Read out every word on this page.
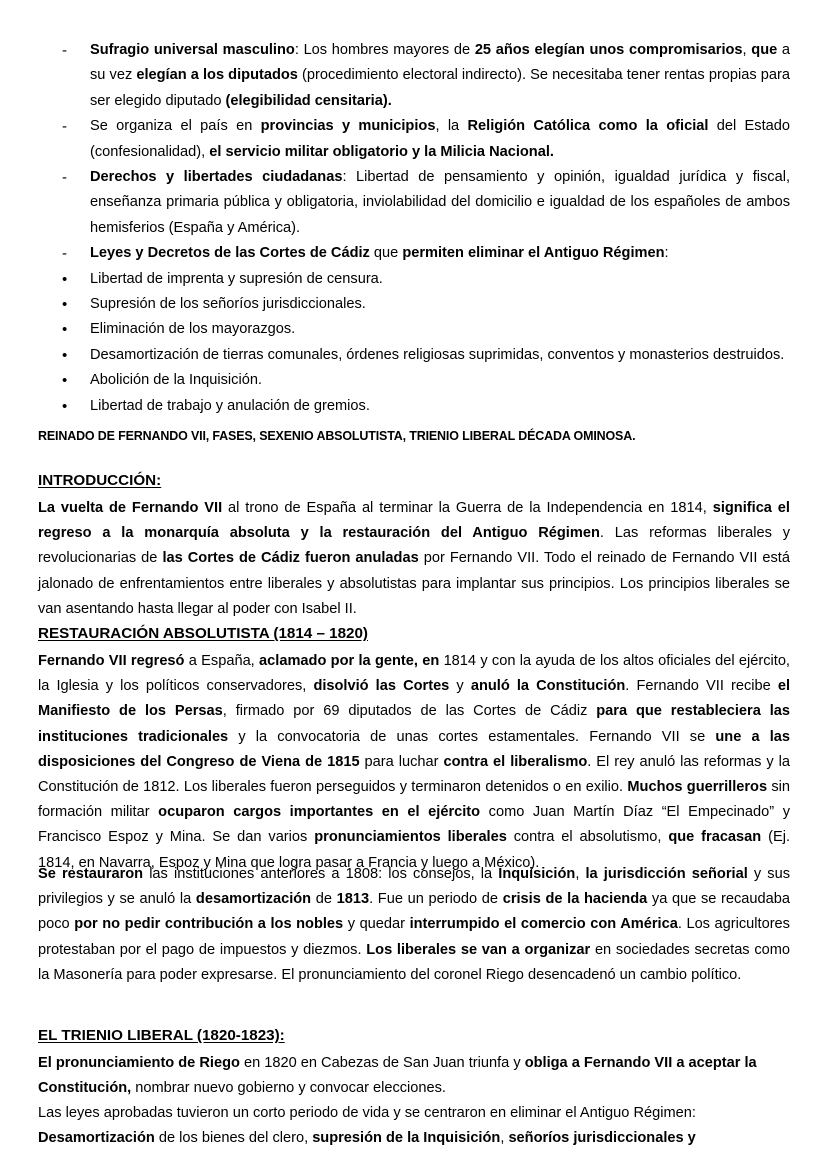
-	Sufragio universal masculino: Los hombres mayores de 25 años elegían unos compromisarios, que a su vez elegían a los diputados (procedimiento electoral indirecto). Se necesitaba tener rentas propias para ser elegido diputado (elegibilidad censitaria).
-	Se organiza el país en provincias y municipios, la Religión Católica como la oficial del Estado (confesionalidad), el servicio militar obligatorio y la Milicia Nacional.
-	Derechos y libertades ciudadanas: Libertad de pensamiento y opinión, igualdad jurídica y fiscal, enseñanza primaria pública y obligatoria, inviolabilidad del domicilio e igualdad de los españoles de ambos hemisferios (España y América).
-	Leyes y Decretos de las Cortes de Cádiz que permiten eliminar el Antiguo Régimen:
•	Libertad de imprenta y supresión de censura.
•	Supresión de los señoríos jurisdiccionales.
•	Eliminación de los mayorazgos.
•	Desamortización de tierras comunales, órdenes religiosas suprimidas, conventos y monasterios destruidos.
•	Abolición de la Inquisición.
•	Libertad de trabajo y anulación de gremios.
REINADO DE FERNANDO VII, FASES, SEXENIO ABSOLUTISTA, TRIENIO LIBERAL DÉCADA OMINOSA.
INTRODUCCIÓN:
La vuelta de Fernando VII al trono de España al terminar la Guerra de la Independencia en 1814, significa el regreso a la monarquía absoluta y la restauración del Antiguo Régimen. Las reformas liberales y revolucionarias de las Cortes de Cádiz fueron anuladas por Fernando VII. Todo el reinado de Fernando VII está jalonado de enfrentamientos entre liberales y absolutistas para implantar sus principios. Los principios liberales se van asentando hasta llegar al poder con Isabel II.
RESTAURACIÓN ABSOLUTISTA (1814 – 1820)
Fernando VII regresó a España, aclamado por la gente, en 1814 y con la ayuda de los altos oficiales del ejército, la Iglesia y los políticos conservadores, disolvió las Cortes y anuló la Constitución. Fernando VII recibe el Manifiesto de los Persas, firmado por 69 diputados de las Cortes de Cádiz para que restableciera las instituciones tradicionales y la convocatoria de unas cortes estamentales. Fernando VII se une a las disposiciones del Congreso de Viena de 1815 para luchar contra el liberalismo. El rey anuló las reformas y la Constitución de 1812. Los liberales fueron perseguidos y terminaron detenidos o en exilio. Muchos guerrilleros sin formación militar ocuparon cargos importantes en el ejército como Juan Martín Díaz “El Empecinado” y Francisco Espoz y Mina. Se dan varios pronunciamientos liberales contra el absolutismo, que fracasan (Ej. 1814, en Navarra, Espoz y Mina que logra pasar a Francia y luego a México).
Se restauraron las instituciones anteriores a 1808: los consejos, la Inquisición, la jurisdicción señorial y sus privilegios y se anuló la desamortización de 1813. Fue un periodo de crisis de la hacienda ya que se recaudaba poco por no pedir contribución a los nobles y quedar interrumpido el comercio con América. Los agricultores protestaban por el pago de impuestos y diezmos. Los liberales se van a organizar en sociedades secretas como la Masonería para poder expresarse. El pronunciamiento del coronel Riego desencadenó un cambio político.
EL TRIENIO LIBERAL (1820-1823):
El pronunciamiento de Riego en 1820 en Cabezas de San Juan triunfa y obliga a Fernando VII a aceptar la Constitución, nombrar nuevo gobierno y convocar elecciones.
Las leyes aprobadas tuvieron un corto periodo de vida y se centraron en eliminar el Antiguo Régimen: Desamortización de los bienes del clero, supresión de la Inquisición, señoríos jurisdiccionales y
